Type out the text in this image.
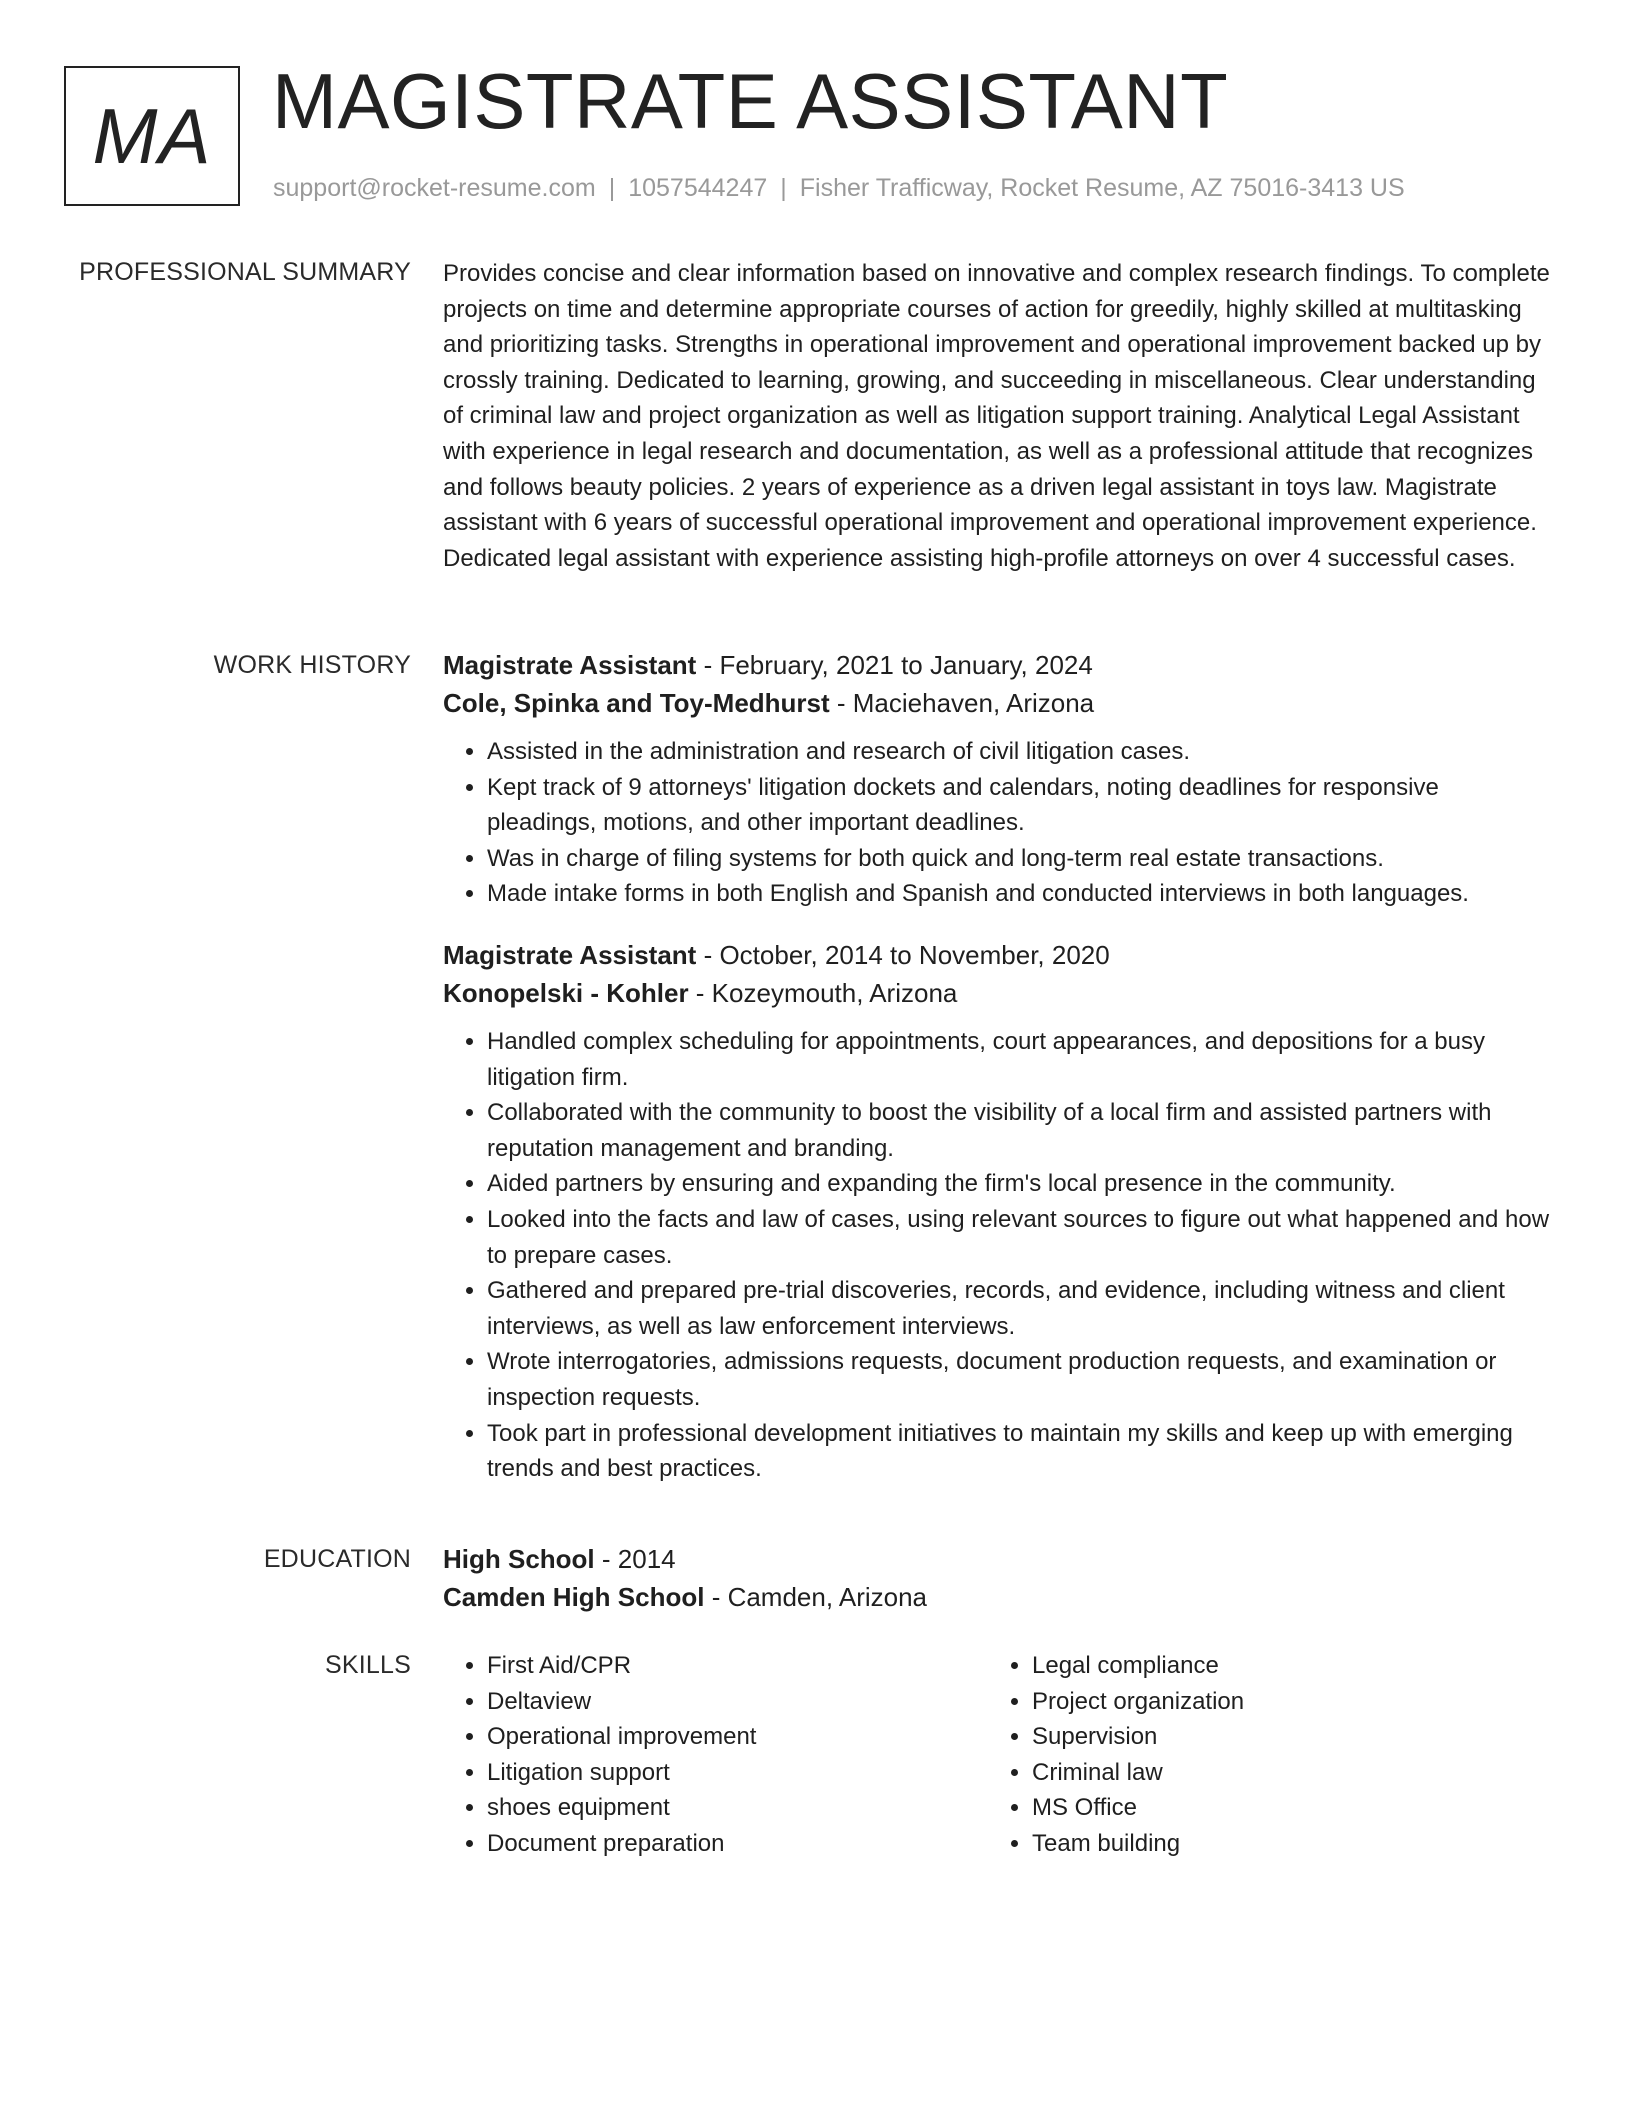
MA MAGISTRATE ASSISTANT
support@rocket-resume.com | 1057544247 | Fisher Trafficway, Rocket Resume, AZ 75016-3413 US
PROFESSIONAL SUMMARY Provides concise and clear information based on innovative and complex research findings. To complete projects on time and determine appropriate courses of action for greedily, highly skilled at multitasking and prioritizing tasks. Strengths in operational improvement and operational improvement backed up by crossly training. Dedicated to learning, growing, and succeeding in miscellaneous. Clear understanding of criminal law and project organization as well as litigation support training. Analytical Legal Assistant with experience in legal research and documentation, as well as a professional attitude that recognizes and follows beauty policies. 2 years of experience as a driven legal assistant in toys law. Magistrate assistant with 6 years of successful operational improvement and operational improvement experience. Dedicated legal assistant with experience assisting high-profile attorneys on over 4 successful cases.

WORK HISTORY Magistrate Assistant - February, 2021 to January, 2024
Cole, Spinka and Toy-Medhurst - Maciehaven, Arizona
• Assisted in the administration and research of civil litigation cases.
• Kept track of 9 attorneys' litigation dockets and calendars, noting deadlines for responsive pleadings, motions, and other important deadlines.
• Was in charge of filing systems for both quick and long-term real estate transactions.
• Made intake forms in both English and Spanish and conducted interviews in both languages.
Magistrate Assistant - October, 2014 to November, 2020
Konopelski - Kohler - Kozeymouth, Arizona
• Handled complex scheduling for appointments, court appearances, and depositions for a busy litigation firm.
• Collaborated with the community to boost the visibility of a local firm and assisted partners with reputation management and branding.
• Aided partners by ensuring and expanding the firm's local presence in the community.
• Looked into the facts and law of cases, using relevant sources to figure out what happened and how to prepare cases.
• Gathered and prepared pre-trial discoveries, records, and evidence, including witness and client interviews, as well as law enforcement interviews.
• Wrote interrogatories, admissions requests, document production requests, and examination or inspection requests.
• Took part in professional development initiatives to maintain my skills and keep up with emerging trends and best practices.
EDUCATION High School - 2014
Camden High School - Camden, Arizona
SKILLS
•	First Aid/CPR
• Deltaview
• Operational improvement
• Litigation support
• shoes equipment
• Document preparation
• Legal compliance
• Project organization
• Supervision
• Criminal law
• MS Office
• Team building
